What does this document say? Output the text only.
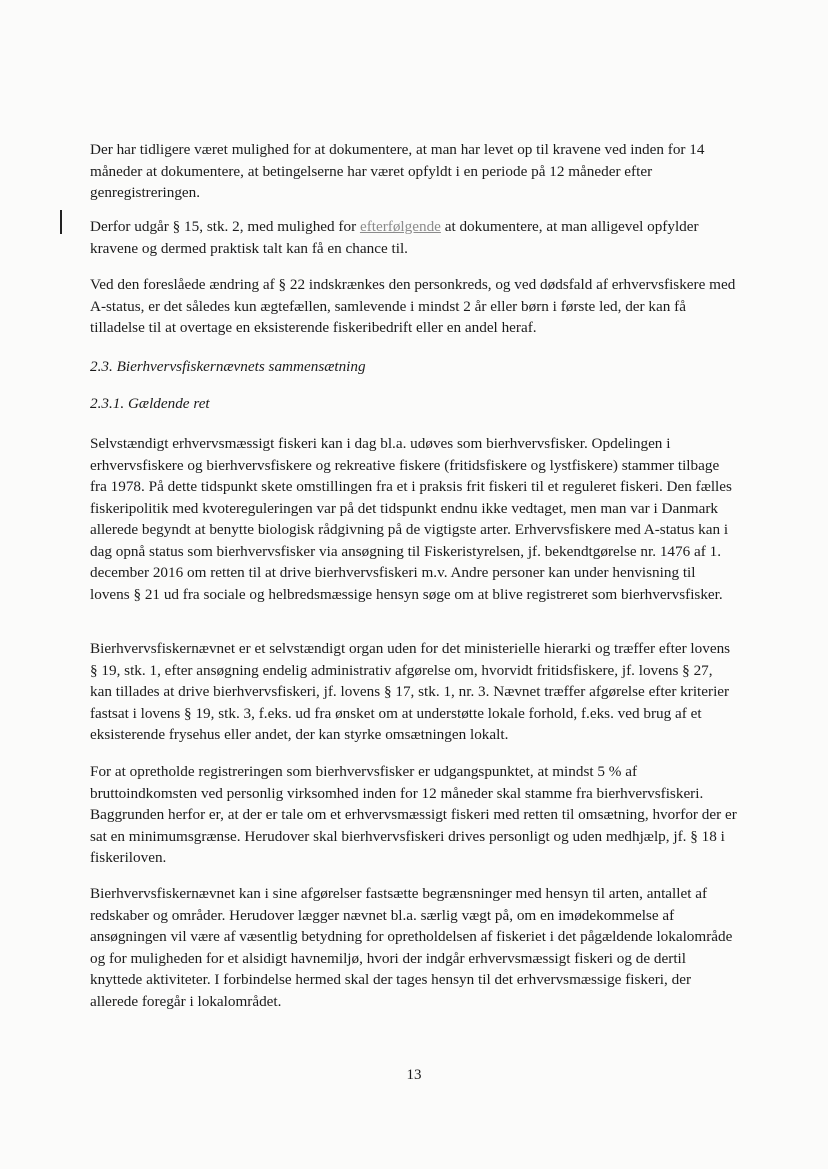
Der har tidligere været mulighed for at dokumentere, at man har levet op til kravene ved inden for 14 måneder at dokumentere, at betingelserne har været opfyldt i en periode på 12 måneder efter genregistreringen.

Derfor udgår § 15, stk. 2, med mulighed for efterfølgende at dokumentere, at man alligevel opfylder kravene og dermed praktisk talt kan få en chance til.

Ved den foreslåede ændring af § 22 indskrænkes den personkreds, og ved dødsfald af erhvervsfiskere med A-status, er det således kun ægtefællen, samlevende i mindst 2 år eller børn i første led, der kan få tilladelse til at overtage en eksisterende fiskeribedrift eller en andel heraf.

2.3. Bierhvervsfiskernævnets sammensætning

2.3.1. Gældende ret

Selvstændigt erhvervsmæssigt fiskeri kan i dag bl.a. udøves som bierhvervsfisker. Opdelingen i erhvervsfiskere og bierhvervsfiskere og rekreative fiskere (fritidsfiskere og lystfiskere) stammer tilbage fra 1978. På dette tidspunkt skete omstillingen fra et i praksis frit fiskeri til et reguleret fiskeri. Den fælles fiskeripolitik med kvotereguleringen var på det tidspunkt endnu ikke vedtaget, men man var i Danmark allerede begyndt at benytte biologisk rådgivning på de vigtigste arter. Erhvervsfiskere med A-status kan i dag opnå status som bierhvervsfisker via ansøgning til Fiskeristyrelsen, jf. bekendtgørelse nr. 1476 af 1. december 2016 om retten til at drive bierhvervsfiskeri m.v. Andre personer kan under henvisning til lovens § 21 ud fra sociale og helbredsmæssige hensyn søge om at blive registreret som bierhvervsfisker.

Bierhvervsfiskernævnet er et selvstændigt organ uden for det ministerielle hierarki og træffer efter lovens § 19, stk. 1, efter ansøgning endelig administrativ afgørelse om, hvorvidt fritidsfiskere, jf. lovens § 27, kan tillades at drive bierhvervsfiskeri, jf. lovens § 17, stk. 1, nr. 3. Nævnet træffer afgørelse efter kriterier fastsat i lovens § 19, stk. 3, f.eks. ud fra ønsket om at understøtte lokale forhold, f.eks. ved brug af et eksisterende frysehus eller andet, der kan styrke omsætningen lokalt.

For at opretholde registreringen som bierhvervsfisker er udgangspunktet, at mindst 5 % af bruttoindkomsten ved personlig virksomhed inden for 12 måneder skal stamme fra bierhvervsfiskeri. Baggrunden herfor er, at der er tale om et erhvervsmæssigt fiskeri med retten til omsætning, hvorfor der er sat en minimumsgrænse. Herudover skal bierhvervsfiskeri drives personligt og uden medhjælp, jf. § 18 i fiskeriloven.

Bierhvervsfiskernævnet kan i sine afgørelser fastsætte begrænsninger med hensyn til arten, antallet af redskaber og områder. Herudover lægger nævnet bl.a. særlig vægt på, om en imødekommelse af ansøgningen vil være af væsentlig betydning for opretholdelsen af fiskeriet i det pågældende lokalområde og for muligheden for et alsidigt havnemiljø, hvori der indgår erhvervsmæssigt fiskeri og de dertil knyttede aktiviteter. I forbindelse hermed skal der tages hensyn til det erhvervsmæssige fiskeri, der allerede foregår i lokalområdet.

13
